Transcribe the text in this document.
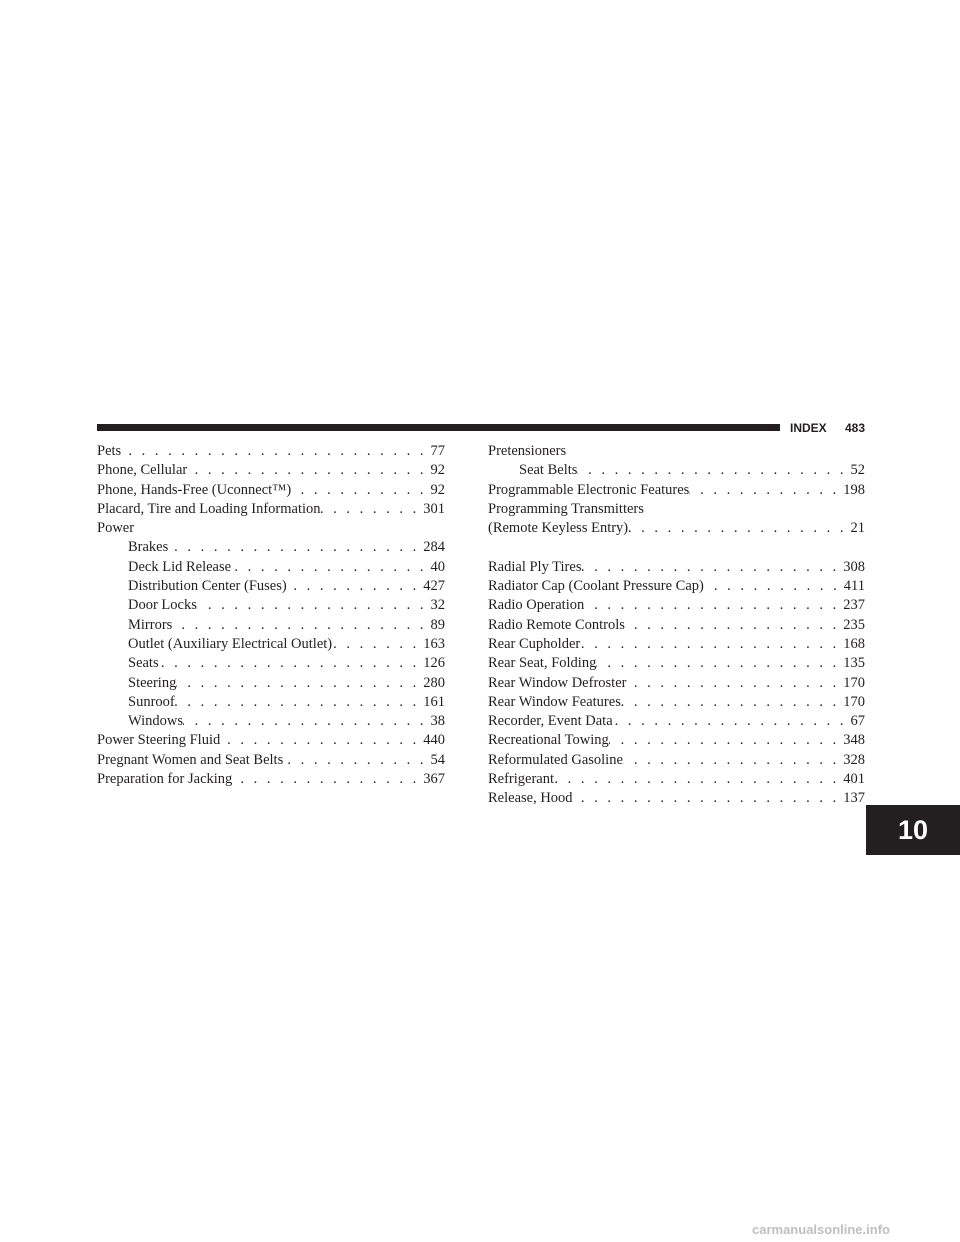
INDEX 483
Pets . . .	77
Phone, Cellular . . .	92
Phone, Hands-Free (Uconnect™) . . .	92
Placard, Tire and Loading Information . . .	301
Power
Brakes . . .	284
Deck Lid Release . . .	40
Distribution Center (Fuses) . . .	427
Door Locks . . .	32
Mirrors . . .	89
Outlet (Auxiliary Electrical Outlet) . . .	163
Seats . . .	126
Steering . . .	280
Sunroof . . .	161
Windows . . .	38
Power Steering Fluid . . .	440
Pregnant Women and Seat Belts . . .	54
Preparation for Jacking . . .	367
Pretensioners
Seat Belts . . .	52
Programmable Electronic Features . . .	198
Programming Transmitters
(Remote Keyless Entry) . . .	21
Radial Ply Tires . . .	308
Radiator Cap (Coolant Pressure Cap) . . .	411
Radio Operation . . .	237
Radio Remote Controls . . .	235
Rear Cupholder . . .	168
Rear Seat, Folding . . .	135
Rear Window Defroster . . .	170
Rear Window Features . . .	170
Recorder, Event Data . . .	67
Recreational Towing . . .	348
Reformulated Gasoline . . .	328
Refrigerant . . .	401
Release, Hood . . .	137
10
carmanualsonline.info
